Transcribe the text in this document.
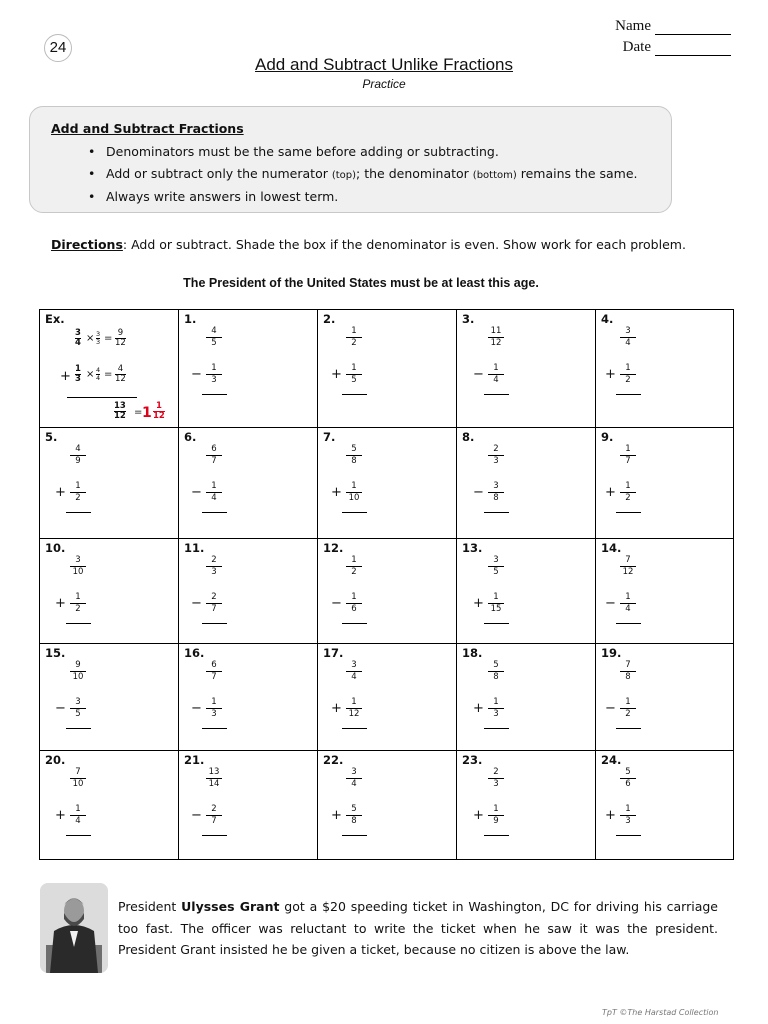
24
Name
Date
Add and Subtract Unlike Fractions
Practice
Add and Subtract Fractions
• Denominators must be the same before adding or subtracting.
• Add or subtract only the numerator (top); the denominator (bottom) remains the same.
• Always write answers in lowest term.
Directions: Add or subtract. Shade the box if the denominator is even. Show work for each problem.
The President of the United States must be at least this age.
Ex.
$\frac{3}{4} \times \frac{3}{3} = \frac{9}{12}$
+ $\frac{1}{3} \times \frac{4}{4} = \frac{4}{12}$
$\frac{13}{12} = 1 \frac{1}{12}$
1.
$\frac{4}{5}$
− $\frac{1}{3}$
2.
$\frac{1}{2}$
+ $\frac{1}{5}$
3.
$\frac{11}{12}$
− $\frac{1}{4}$
4.
$\frac{3}{4}$
+ $\frac{1}{2}$
5.
$\frac{4}{9}$
+ $\frac{1}{2}$
6.
$\frac{6}{7}$
− $\frac{1}{4}$
7.
$\frac{5}{8}$
+ $\frac{1}{10}$
8.
$\frac{2}{3}$
− $\frac{3}{8}$
9.
$\frac{1}{7}$
+ $\frac{1}{2}$
10.
$\frac{3}{10}$
+ $\frac{1}{2}$
11.
$\frac{2}{3}$
− $\frac{2}{7}$
12.
$\frac{1}{2}$
− $\frac{1}{6}$
13.
$\frac{3}{5}$
+ $\frac{1}{15}$
14.
$\frac{7}{12}$
− $\frac{1}{4}$
15.
$\frac{9}{10}$
− $\frac{3}{5}$
16.
$\frac{6}{7}$
− $\frac{1}{3}$
17.
$\frac{3}{4}$
+ $\frac{1}{12}$
18.
$\frac{5}{8}$
+ $\frac{1}{3}$
19.
$\frac{7}{8}$
− $\frac{1}{2}$
20.
$\frac{7}{10}$
+ $\frac{1}{4}$
21.
$\frac{13}{14}$
− $\frac{2}{7}$
22.
$\frac{3}{4}$
+ $\frac{5}{8}$
23.
$\frac{2}{3}$
+ $\frac{1}{9}$
24.
$\frac{5}{6}$
+ $\frac{1}{3}$
President Ulysses Grant got a $20 speeding ticket in Washington, DC for driving his carriage too fast. The officer was reluctant to write the ticket when he saw it was the president. President Grant insisted he be given a ticket, because no citizen is above the law.
TpT ©The Harstad Collection
